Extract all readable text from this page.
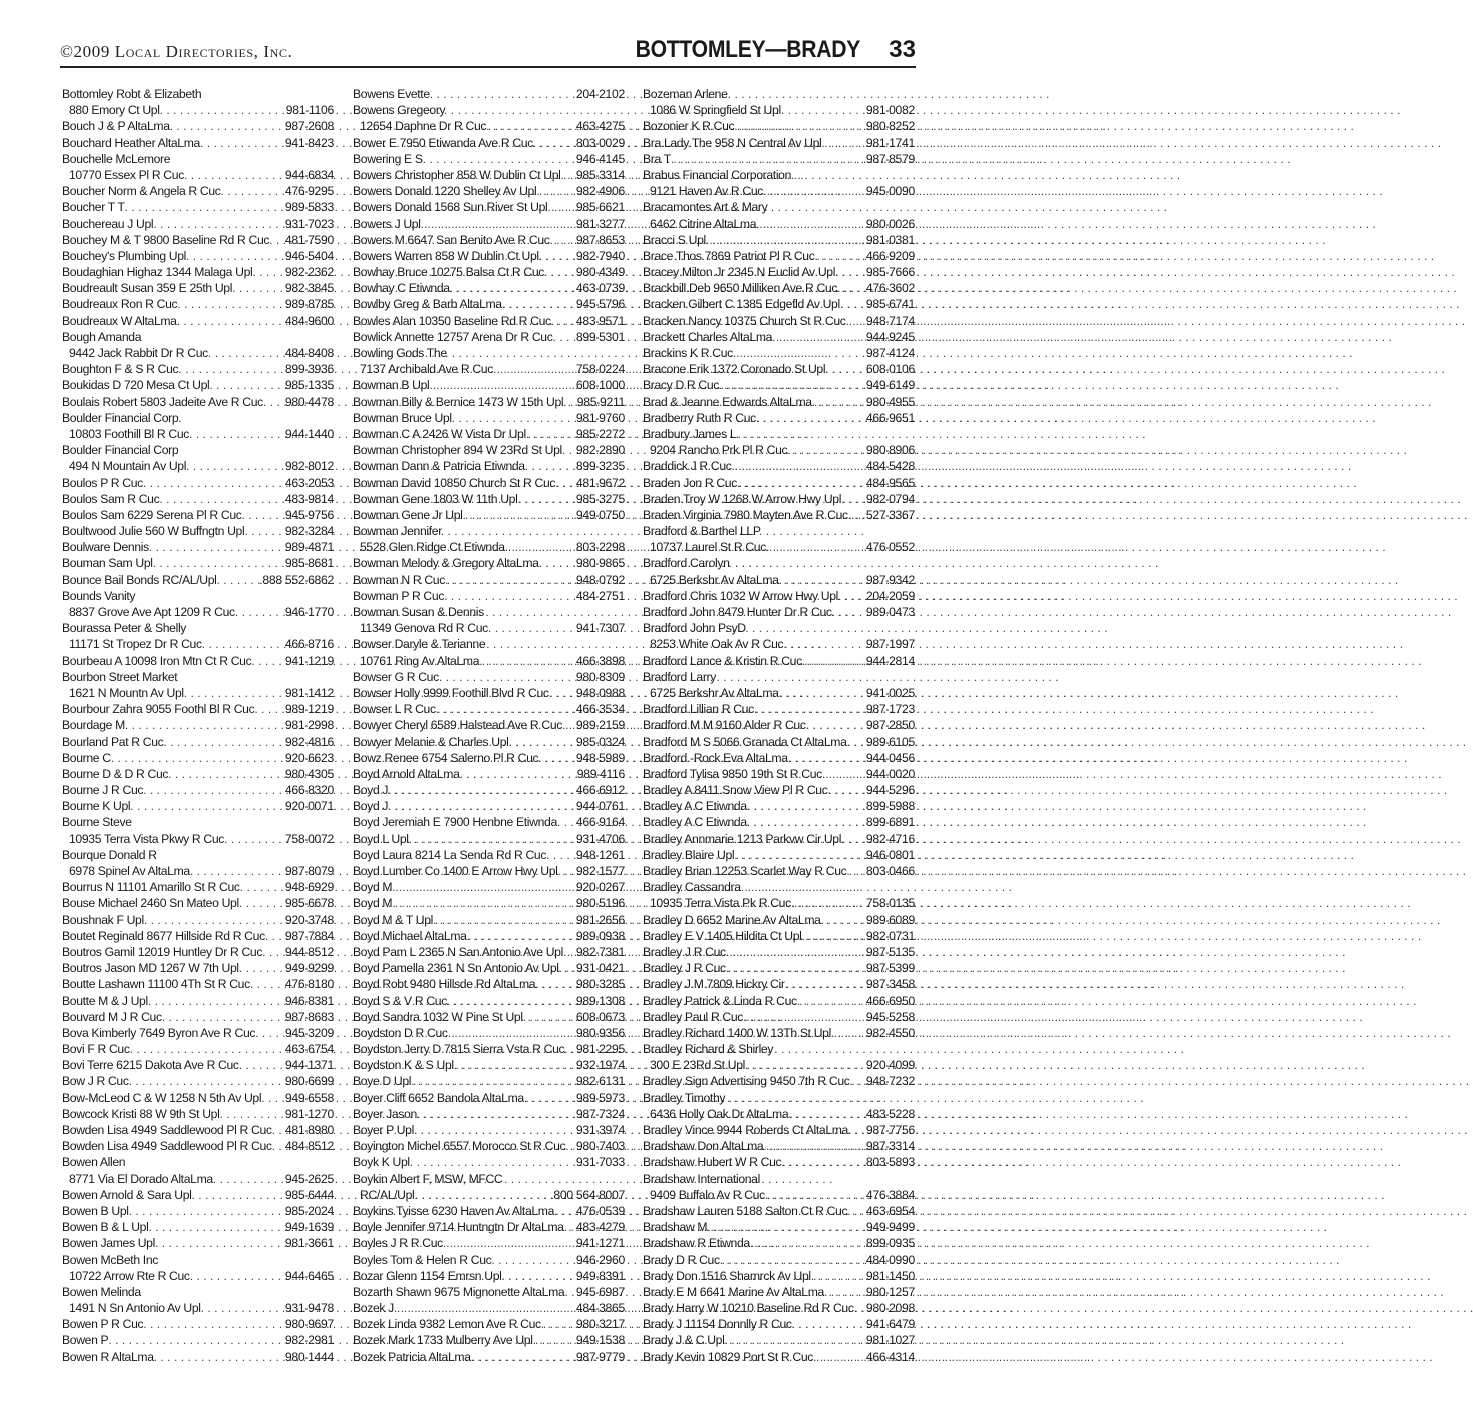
©2009 Local Directories, Inc.	BOTTOMLEY—BRADY 33
Bottomley Robt & Elizabeth
880 Emory Ct Upl . . .	981-1106
Bouch J & P AltaLma . . .	987-2608
Bouchard Heather AltaLma . . .	941-8423
Bouchelle McLemore
10770 Essex Pl R Cuc . . .	944-6834
Boucher Norm & Angela R Cuc . . .	476-9295
Boucher T T . . .	989-5833
Bouchereau J Upl . . .	931-7023
Bouchey M & T 9800 Baseline Rd R Cuc . . . 481-7590
Bouchey's Plumbing Upl . . .	946-5404
Boudaghian Highaz 1344 Malaga Upl . . .	982-2362
Boudreault Susan 359 E 25th Upl . . .	982-3845
Boudreaux Ron R Cuc . . .	989-8785
Boudreaux W AltaLma . . .	484-9600
Bough Amanda
9442 Jack Rabbit Dr R Cuc . . .	484-8408
Boughton F & S R Cuc . . .	899-3936
Boukidas D 720 Mesa Ct Upl . . .	985-1335
Boulais Robert 5803 Jadeite Ave R Cuc . . . 980-4478
Boulder Financial Corp.
10803 Foothill Bl R Cuc . . .	944-1440
Boulder Financial Corp
494 N Mountain Av Upl . . .	982-8012
Boulos P R Cuc . . .	463-2053
Boulos Sam R Cuc . . .	483-9814
Boulos Sam 6229 Serena Pl R Cuc . . .	945-9756
Boultwood Julie 560 W Buffngtn Upl . . .	982-3284
Boulware Dennis . . .	989-4871
Bouman Sam Upl . . .	985-8681
Bounce Bail Bonds RC/AL/Upl . . .	.888 552-6862
Bounds Vanity
8837 Grove Ave Apt 1209 R Cuc . . .	946-1770
Bourassa Peter & Shelly
11171 St Tropez Dr R Cuc . . .	466-8716
Bourbeau A 10098 Iron Mtn Ct R Cuc . . .	941-1219
Bourbon Street Market
1621 N Mountn Av Upl . . .	981-1412
Bourbour Zahra 9055 Foothl Bl R Cuc . . .	989-1219
Bourdage M . . .	981-2998
Bourland Pat R Cuc . . .	982-4816
Bourne C . . .	920-6623
Bourne D & D R Cuc . . .	980-4305
Bourne J R Cuc . . .	466-8320
Bourne K Upl . . .	920-0071
Bourne Steve
10935 Terra Vista Pkwy R Cuc . . .	758-0072
Bourque Donald R
6978 Spinel Av AltaLma . . .	987-8079
Bourrus N 11101 Amarillo St R Cuc . . .	948-6929
Bouse Michael 2460 Sn Mateo Upl . . .	985-6678
Boushnak F Upl . . .	920-3748
Boutet Reginald 8677 Hillside Rd R Cuc . . . 987-7884
Boutros Gamil 12019 Huntley Dr R Cuc . . . 944-8512
Boutros Jason MD 1267 W 7th Upl . . .	949-9299
Boutte Lashawn 11100 4Th St R Cuc . . .	476-8180
Boutte M & J Upl . . .	946-8381
Bouvard M J R Cuc . . .	987-8683
Bova Kimberly 7649 Byron Ave R Cuc . . . 945-3209
Bovi F R Cuc . . .	463-6754
Bovi Terre 6215 Dakota Ave R Cuc . . .	944-1371
Bow J R Cuc . . .	980-6699
Bow-McLeod C & W 1258 N 5th Av Upl . . . 949-6558
Bowcock Kristi 88 W 9th St Upl . . .	981-1270
Bowden Lisa 4949 Saddlewood Pl R Cuc . . . 481-8980
Bowden Lisa 4949 Saddlewood Pl R Cuc . . . 484-8512
Bowen Allen
8771 Via El Dorado AltaLma . . .	945-2625
Bowen Arnold & Sara Upl . . .	985-6444
Bowen B Upl . . .	985-2024
Bowen B & L Upl . . .	949-1639
Bowen James Upl . . .	981-3661
Bowen McBeth Inc
10722 Arrow Rte R Cuc . . .	944-6465
Bowen Melinda
1491 N Sn Antonio Av Upl . . .	931-9478
Bowen P R Cuc . . .	980-9697
Bowen P . . .	982-2981
Bowen R AltaLma . . .	980-1444
Bowens Evette . . .	204-2102
Bowens Gregeory
12654 Daphne Dr R Cuc . . .	463-4275
Bower E 7950 Etiwanda Ave R Cuc . . .	803-0029
Bowering E S . . .	946-4145
Bowers Christopher 858 W Dublin Ct Upl . . . 985-3314
Bowers Donald 1220 Shelley Av Upl . . .	982-4906
Bowers Donald 1568 Sun River St Upl . . . 985-6621
Bowers J Upl . . .	981-3277
Bowers M 6647 San Benito Ave R Cuc . . . 987-8653
Bowers Warren 858 W Dublin Ct Upl . . .	982-7940
Bowhay Bruce 10275 Balsa Ct R Cuc . . .	980-4349
Bowhay C Etiwnda . . .	463-0739
Bowlby Greg & Barb AltaLma . . .	945-5796
Bowles Alan 10350 Baseline Rd R Cuc . . . 483-9571
Bowlick Annette 12757 Arena Dr R Cuc . . . 899-5301
Bowling Gods The
7137 Archibald Ave R Cuc . . .	758-0224
Bowman B Upl . . .	608-1000
Bowman Billy & Bernice 1473 W 15th Upl . . . 985-9211
Bowman Bruce Upl . . .	981-9760
Bowman C A 2426 W Vista Dr Upl . . .	985-2272
Bowman Christopher 894 W 23Rd St Upl . . . 982-2890
Bowman Dann & Patricia Etiwnda . . .	899-3235
Bowman David 10850 Church St R Cuc . . . 481-9672
Bowman Gene 1803 W 11th Upl . . .	985-3275
Bowman Gene Jr Upl . . .	949-0750
Bowman Jennifer
5528 Glen Ridge Ct Etiwnda . . .	803-2298
Bowman Melody & Gregory AltaLma . . .	980-9865
Bowman N R Cuc . . .	948-0792
Bowman P R Cuc . . .	484-2751
Bowman Susan & Dennis
11349 Genova Rd R Cuc . . .	941-7307
Bowser Daryle & Terianne
10761 Ring Av AltaLma . . .	466-3898
Bowser G R Cuc . . .	980-8309
Bowser Holly 9999 Foothill Blvd R Cuc . . . 948-0988
Bowser L R Cuc . . .	466-3534
Bowyer Cheryl 6589 Halstead Ave R Cuc . . . 989-2159
Bowyer Melanie & Charles Upl . . .	985-0324
Bowz Renee 6754 Salerno Pl R Cuc . . .	948-5989
Boyd Arnold AltaLma . . .	989-4116
Boyd J . . .	466-6912
Boyd J . . .	944-0761
Boyd Jeremiah E 7900 Henbne Etiwnda . . . 466-9164
Boyd L Upl . . .	931-4706
Boyd Laura 8214 La Senda Rd R Cuc . . . 948-1261
Boyd Lumber Co 1400 E Arrow Hwy Upl . . . 982-1577
Boyd M . . .	920-0267
Boyd M . . .	980-5196
Boyd M & T Upl . . .	981-2656
Boyd Michael AltaLma . . .	989-0938
Boyd Pam L 2365 N San Antonio Ave Upl . . . 982-7381
Boyd Pamella 2361 N Sn Antonio Av Upl . . . 931-0421
Boyd Robt 9480 Hillsde Rd AltaLma . . .	980-3285
Boyd S & V R Cuc . . .	989-1308
Boyd Sandra 1032 W Pine St Upl . . .	608-0673
Boydston D R Cuc . . .	980-9356
Boydston Jerry D 7815 Sierra Vsta R Cuc . . . 981-2295
Boydston K & S Upl . . .	932-1974
Boye D Upl . . .	982-6131
Boyer Cliff 6652 Bandola AltaLma . . .	989-5973
Boyer Jason . . .	987-7324
Boyer P Upl . . .	931-3974
Boyington Michel 6557 Morocco St R Cuc . . . 980-7403
Boyk K Upl . . .	931-7033
Boykin Albert F, MSW, MFCC
RC/AL/Upl . . .	.800 564-8007
Boykins Tyisse 6230 Haven Av AltaLma . . . 476-0539
Boyle Jennifer 9714 Huntngtn Dr AltaLma . . . 483-4279
Boyles J R R Cuc . . .	941-1271
Boyles Tom & Helen R Cuc . . .	946-2960
Bozar Glenn 1154 Emrsn Upl . . .	949-8391
Bozarth Shawn 9675 Mignonette AltaLma . . . 945-6987
Bozek J . . .	484-3865
Bozek Linda 9382 Lemon Ave R Cuc . . .	980-3217
Bozek Mark 1733 Mulberry Ave Upl . . .	949-1538
Bozek Patricia AltaLma . . .	987-9779
Bozeman Arlene
1086 W Springfield St Upl . . .	981-0082
Bozonier K R Cuc . . .	980-8252
Bra Lady The 958 N Central Av Upl . . .	981-1741
Bra T . . .	987-8579
Brabus Financial Corporation
9121 Haven Av R Cuc . . .	945-0090
Bracamontes Art & Mary
6462 Citrine AltaLma . . .	980-0026
Bracci S Upl . . .	981-0381
Brace Thos 7869 Patriot Pl R Cuc . . .	466-9209
Bracey Milton Jr 2345 N Euclid Av Upl . . .	985-7666
Brackbill Deb 9650 Milliken Ave R Cuc . . . 476-3602
Bracken Gilbert C 1385 Edgefld Av Upl . . . 985-6741
Bracken Nancy 10375 Church St R Cuc . . . 948-7174
Brackett Charles AltaLma . . .	944-9245
Brackins K R Cuc . . .	987-4124
Bracone Erik 1372 Coronado St Upl . . .	608-0106
Bracy D R Cuc . . .	949-6149
Brad & Jeanne Edwards AltaLma . . .	980-4955
Bradberry Ruth R Cuc . . .	466-9651
Bradbury James L
9204 Rancho Prk Pl R Cuc . . .	980-8906
Braddick J R Cuc . . .	484-5428
Braden Jon R Cuc . . .	484-9565
Braden Troy W 1268 W Arrow Hwy Upl . . . 982-0794
Braden Virginia 7980 Mayten Ave R Cuc . . . 527-3367
Bradford & Barthel LLP
10737 Laurel St R Cuc . . .	476-0552
Bradford Carolyn
6725 Berkshr Av AltaLma . . .	987-9342
Bradford Chris 1032 W Arrow Hwy Upl . . . 204-2059
Bradford John 8479 Hunter Dr R Cuc . . .	989-0473
Bradford John PsyD
8253 White Oak Av R Cuc . . .	987-1997
Bradford Lance & Kristin R Cuc . . .	944-2814
Bradford Larry
6725 Berkshr Av AltaLma . . .	941-0025
Bradford Lillian R Cuc . . .	987-1723
Bradford M M 9160 Alder R Cuc . . .	987-2850
Bradford M S 5066 Granada Ct AltaLma . . . 989-6105
Bradford -Rock Eva AltaLma . . .	944-0456
Bradford Tylisa 9850 19th St R Cuc . . .	944-0020
Bradley A 8411 Snow View Pl R Cuc . . .	944-5296
Bradley A C Etiwnda . . .	899-5988
Bradley A C Etiwnda . . .	899-6891
Bradley Annmarie 1213 Parkvw Cir Upl . . . 982-4716
Bradley Blaire Upl . . .	946-0801
Bradley Brian 12253 Scarlet Way R Cuc . . . 803-0466
Bradley Cassandra
10935 Terra Vista Pk R Cuc . . .	758-0135
Bradley D 6652 Marine Av AltaLma . . .	989-6089
Bradley E V 1405 Hildita Ct Upl . . .	982-0731
Bradley J R Cuc . . .	987-5135
Bradley J R Cuc . . .	987-5399
Bradley J M 7809 Hickry Cir . . .	987-3458
Bradley Patrick & Linda R Cuc . . .	466-6950
Bradley Paul R Cuc . . .	945-5258
Bradley Richard 1400 W 13Th St Upl . . .	982-4550
Bradley Richard & Shirley
300 E 23Rd St Upl . . .	920-4099
Bradley Sign Advertising 9450 7th R Cuc . . . 948-7232
Bradley Timothy
6436 Holly Oak Dr AltaLma . . .	483-5228
Bradley Vince 9944 Roberds Ct AltaLma . . . 987-7756
Bradshaw Don AltaLma . . .	987-3314
Bradshaw Hubert W R Cuc . . .	803-5893
Bradshaw International
9409 Buffalo Av R Cuc . . .	476-3884
Bradshaw Lauren 5188 Salton Ct R Cuc . . . 463-6954
Bradshaw M . . .	949-9499
Bradshaw R Etiwnda . . .	899-0935
Brady D R Cuc . . .	484-0990
Brady Don 1516 Shamrck Av Upl . . .	981-1450
Brady E M 6641 Marine Av AltaLma . . .	980-1257
Brady Harry W 10210 Baseline Rd R Cuc . . . 980-2098
Brady J 11154 Donnlly R Cuc . . .	941-6479
Brady J & C Upl . . .	981-1027
Brady Kevin 10829 Port St R Cuc . . .	466-4314
